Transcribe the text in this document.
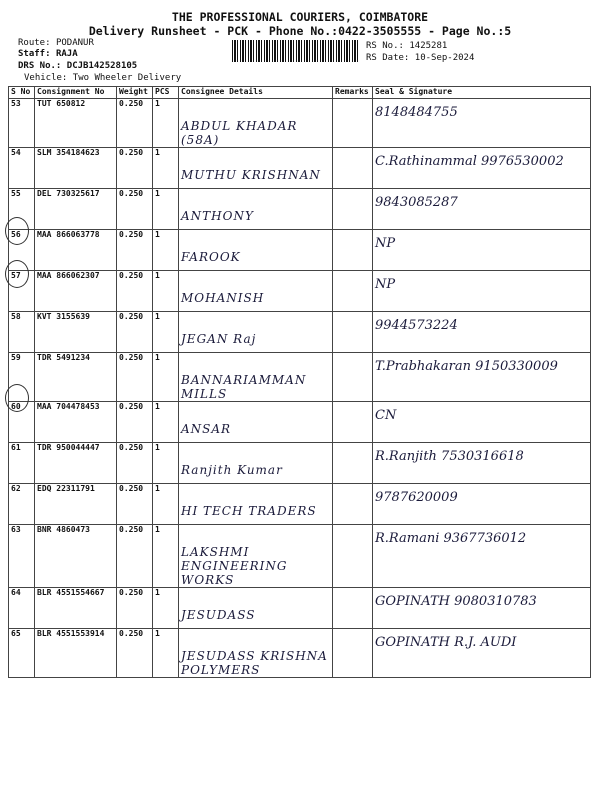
THE PROFESSIONAL COURIERS, COIMBATORE
Delivery Runsheet - PCK - Phone No.:0422-3505555 - Page No.:5
Route: PODANUR
Staff: RAJA
DRS No.: DCJB142528105
Vehicle: Two Wheeler Delivery
RS No.: 1425281
RS Date: 10-Sep-2024
S No	Consignment No	Weight	PCS	Consignee Details	Remarks	Seal & Signature
53	TUT 650812	0.250	1	ABDUL KHADAR (58A)		8148484755

54	SLM 354184623	0.250	1	MUTHU KRISHNAN		C.Rathinammal 9976530002

55	DEL 730325617	0.250	1	ANTHONY		9843085287

56	MAA 866063778	0.250	1	FAROOK		NP

57	MAA 866062307	0.250	1	MOHANISH		NP

58	KVT 3155639	0.250	1	JEGAN Raj		9944573224

59	TDR 5491234	0.250	1	BANNARIAMMAN MILLS		T.Prabhakaran 9150330009

60	MAA 704478453	0.250	1	ANSAR		CN

61	TDR 950044447	0.250	1	Ranjith Kumar		R.Ranjith 7530316618

62	EDQ 22311791	0.250	1	HI TECH TRADERS		9787620009

63	BNR 4860473	0.250	1	LAKSHMI ENGINEERING WORKS		R.Ramani 9367736012

64	BLR 4551554667	0.250	1	JESUDASS		GOPINATH 9080310783

65	BLR 4551553914	0.250	1	JESUDASS KRISHNA POLYMERS		GOPINATH R.J. AUDI
